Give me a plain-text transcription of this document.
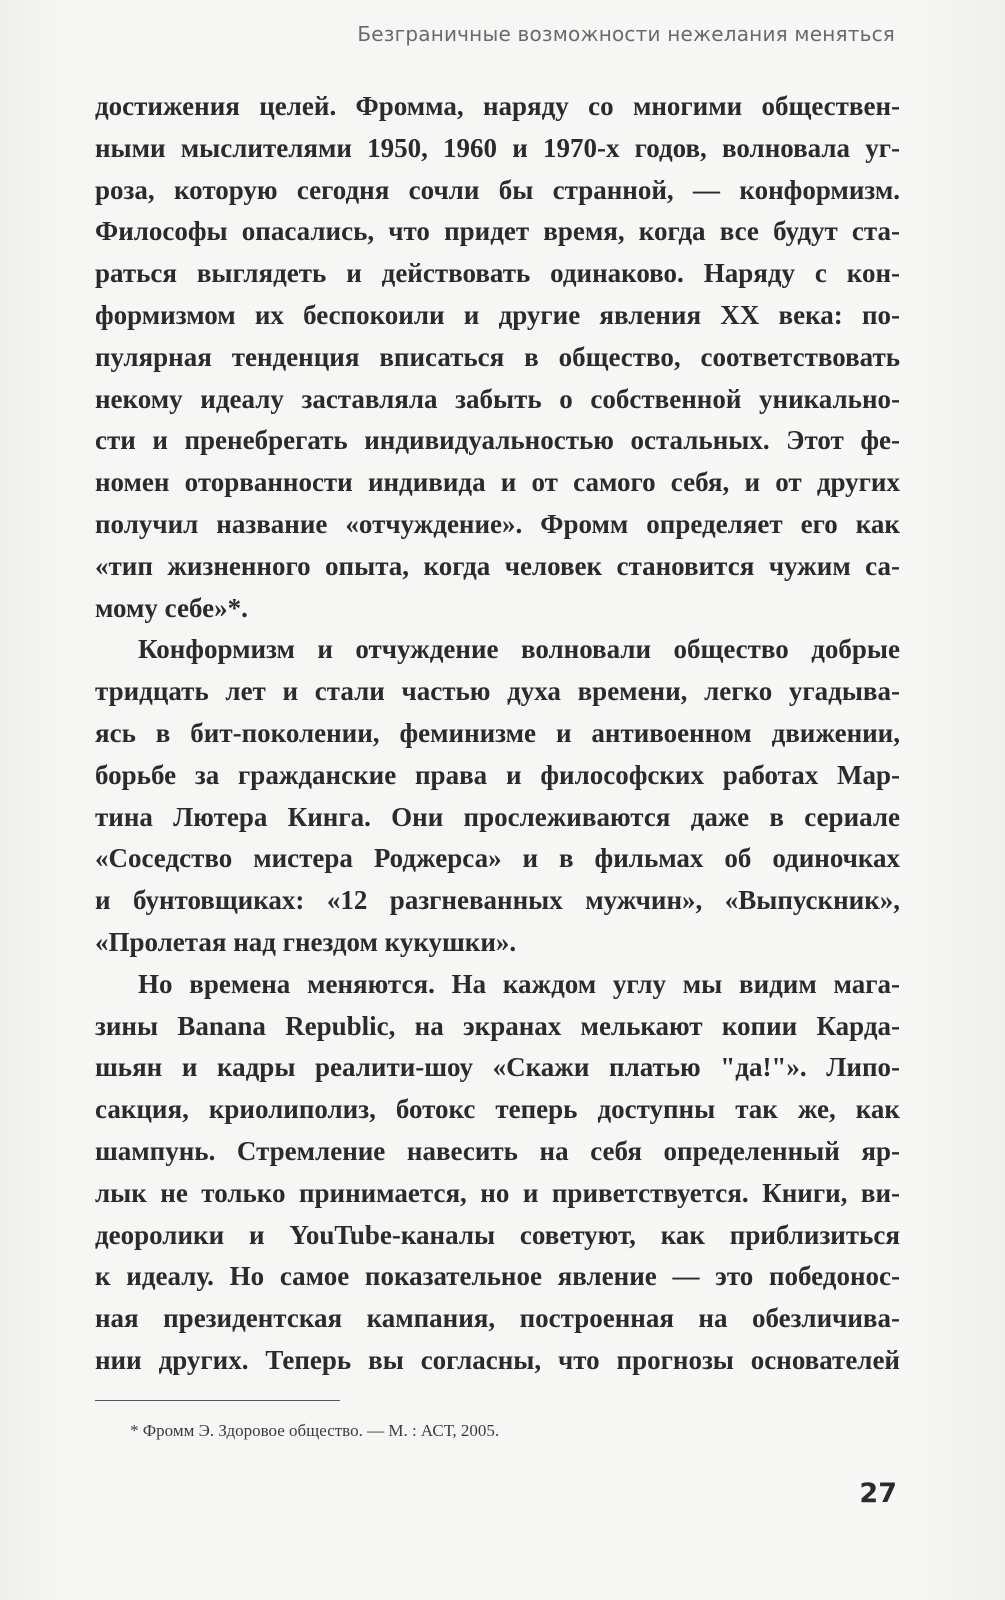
Безграничные возможности нежелания меняться
достижения целей. Фромма, наряду со многими обществен-
ными мыслителями 1950, 1960 и 1970-х годов, волновала уг-
роза, которую сегодня сочли бы странной, — конформизм.
Философы опасались, что придет время, когда все будут ста-
раться выглядеть и действовать одинаково. Наряду с кон-
формизмом их беспокоили и другие явления XX века: по-
пулярная тенденция вписаться в общество, соответствовать
некому идеалу заставляла забыть о собственной уникально-
сти и пренебрегать индивидуальностью остальных. Этот фе-
номен оторванности индивида и от самого себя, и от других
получил название «отчуждение». Фромм определяет его как
«тип жизненного опыта, когда человек становится чужим са-
мому себе»*.
Конформизм и отчуждение волновали общество добрые
тридцать лет и стали частью духа времени, легко угадыва-
ясь в бит-поколении, феминизме и антивоенном движении,
борьбе за гражданские права и философских работах Мар-
тина Лютера Кинга. Они прослеживаются даже в сериале
«Соседство мистера Роджерса» и в фильмах об одиночках
и бунтовщиках: «12 разгневанных мужчин», «Выпускник»,
«Пролетая над гнездом кукушки».
Но времена меняются. На каждом углу мы видим мага-
зины Banana Republic, на экранах мелькают копии Карда-
шьян и кадры реалити-шоу «Скажи платью "да!"». Липо-
сакция, криолиполиз, ботокс теперь доступны так же, как
шампунь. Стремление навесить на себя определенный яр-
лык не только принимается, но и приветствуется. Книги, ви-
деоролики и YouTube-каналы советуют, как приблизиться
к идеалу. Но самое показательное явление — это победонос-
ная президентская кампания, построенная на обезличива-
нии других. Теперь вы согласны, что прогнозы основателей
* Фромм Э. Здоровое общество. — М. : АСТ, 2005.
27
